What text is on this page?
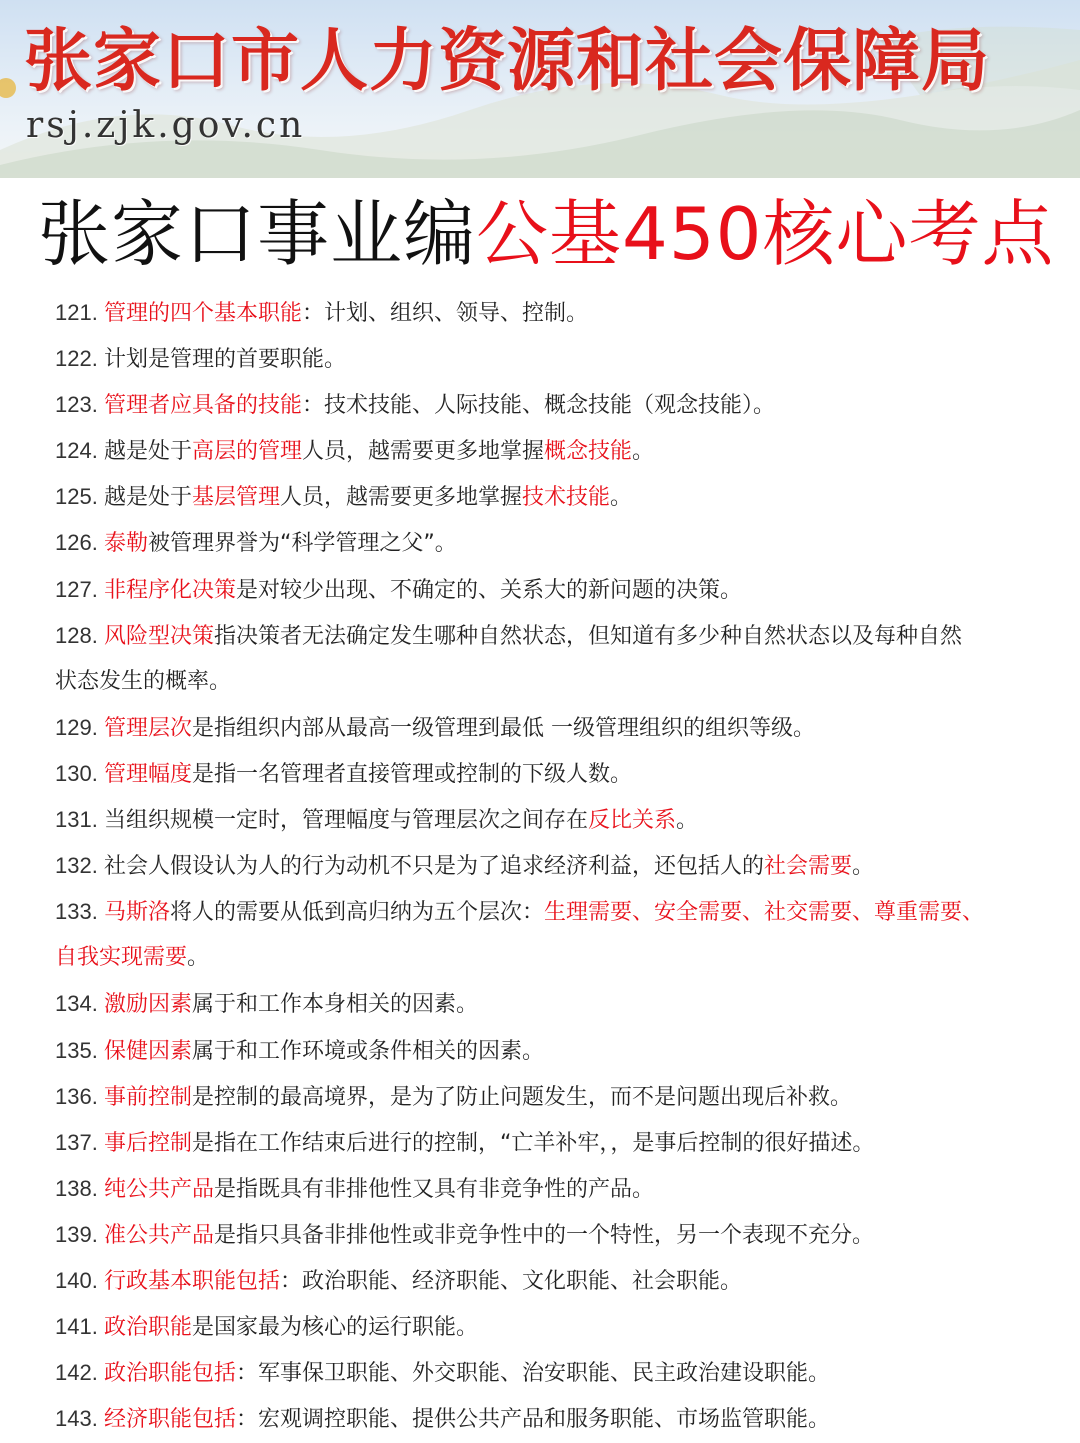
张家口市人力资源和社会保障局
rsj.zjk.gov.cn
张家口事业编公基450核心考点
121. 管理的四个基本职能：计划、组织、领导、控制。
122. 计划是管理的首要职能。
123. 管理者应具备的技能：技术技能、人际技能、概念技能（观念技能）。
124. 越是处于高层的管理人员，越需要更多地掌握概念技能。
125. 越是处于基层管理人员，越需要更多地掌握技术技能。
126. 泰勒被管理界誉为“科学管理之父”。
127. 非程序化决策是对较少出现、不确定的、关系大的新问题的决策。
128. 风险型决策指决策者无法确定发生哪种自然状态，但知道有多少种自然状态以及每种自然
状态发生的概率。
129. 管理层次是指组织内部从最高一级管理到最低 一级管理组织的组织等级。
130. 管理幅度是指一名管理者直接管理或控制的下级人数。
131. 当组织规模一定时，管理幅度与管理层次之间存在反比关系。
132. 社会人假设认为人的行为动机不只是为了追求经济利益，还包括人的社会需要。
133. 马斯洛将人的需要从低到高归纳为五个层次：生理需要、安全需要、社交需要、尊重需要、
自我实现需要。
134. 激励因素属于和工作本身相关的因素。
135. 保健因素属于和工作环境或条件相关的因素。
136. 事前控制是控制的最高境界，是为了防止问题发生，而不是问题出现后补救。
137. 事后控制是指在工作结束后进行的控制，“亡羊补牢，，是事后控制的很好描述。
138. 纯公共产品是指既具有非排他性又具有非竞争性的产品。
139. 准公共产品是指只具备非排他性或非竞争性中的一个特性，另一个表现不充分。
140. 行政基本职能包括：政治职能、经济职能、文化职能、社会职能。
141. 政治职能是国家最为核心的运行职能。
142. 政治职能包括：军事保卫职能、外交职能、治安职能、民主政治建设职能。
143. 经济职能包括：宏观调控职能、提供公共产品和服务职能、市场监管职能。
